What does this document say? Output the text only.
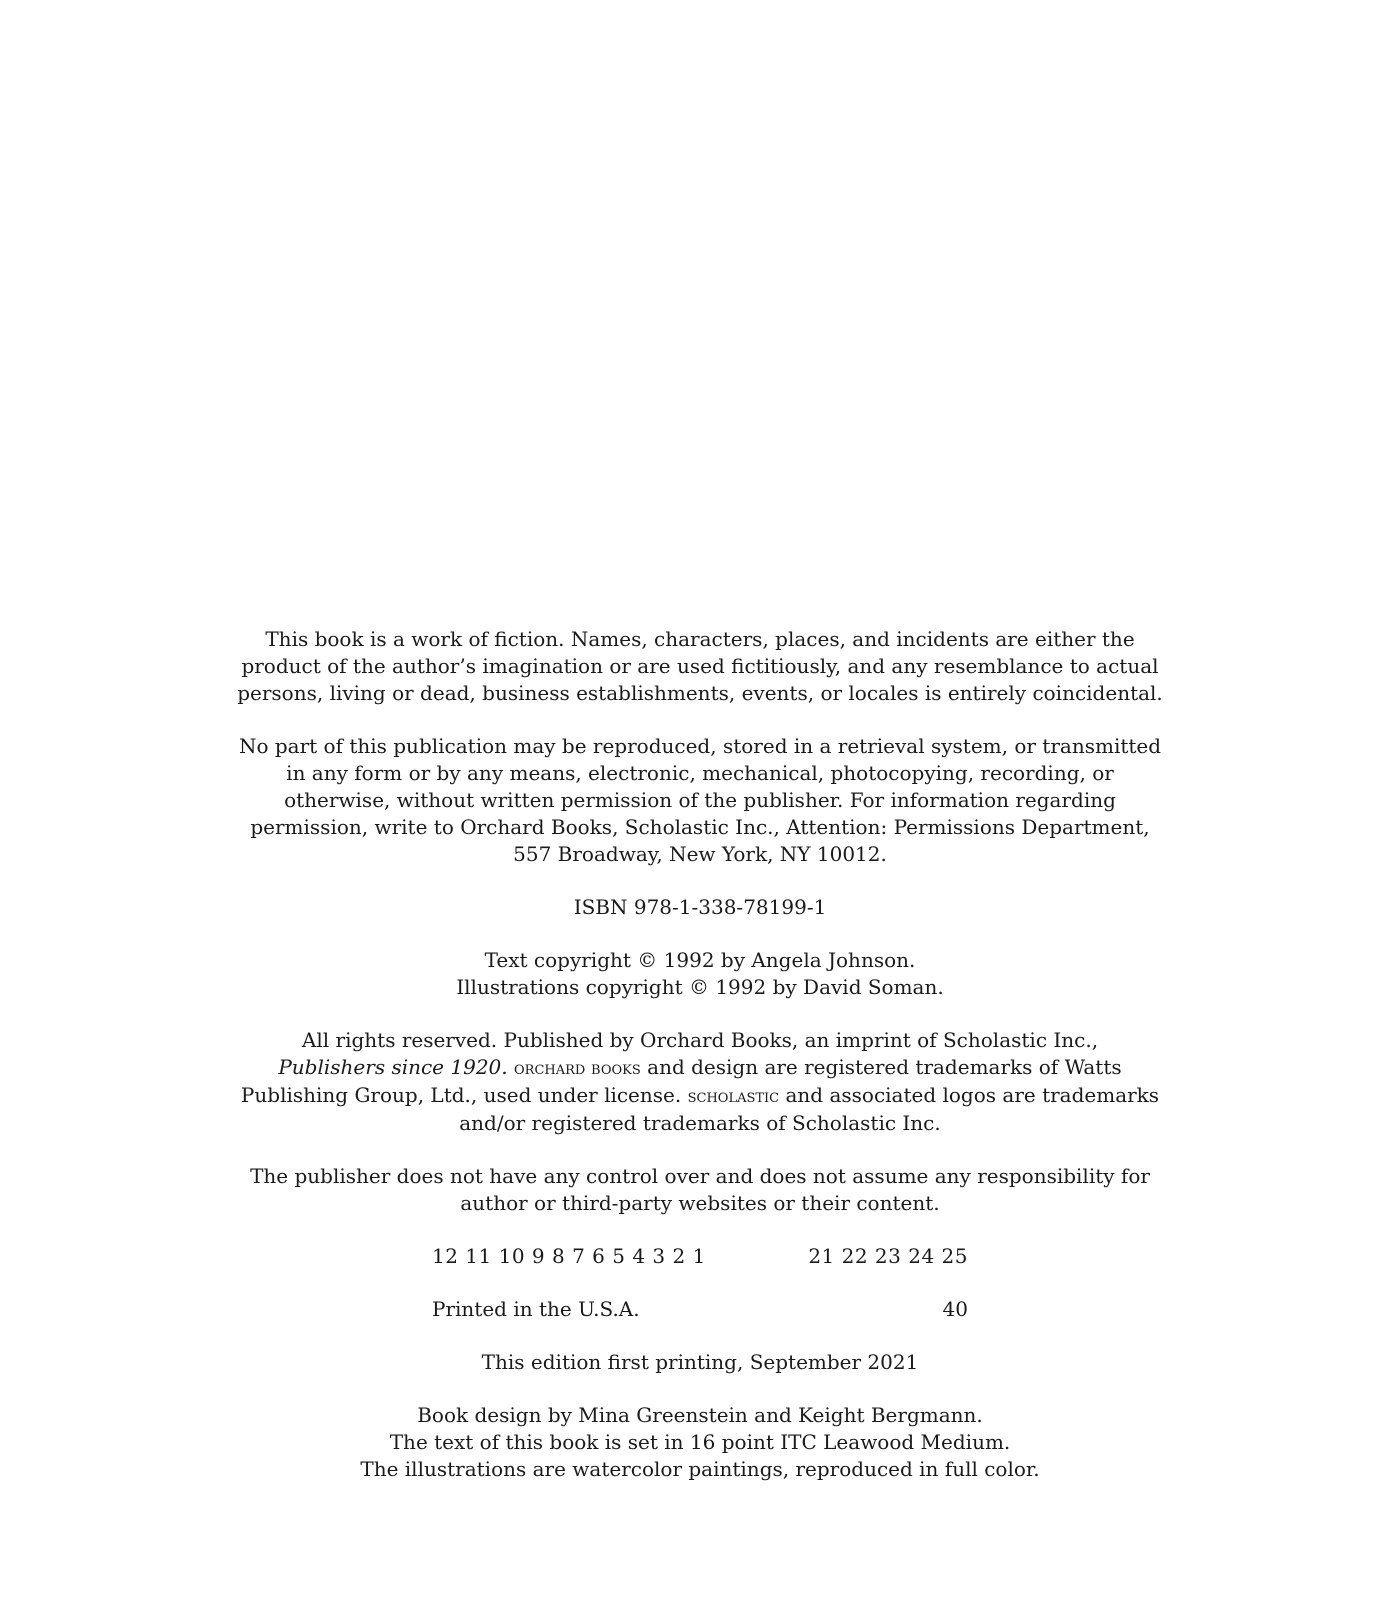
This book is a work of fiction. Names, characters, places, and incidents are either the

product of the author’s imagination or are used fictitiously, and any resemblance to actual

persons, living or dead, business establishments, events, or locales is entirely coincidental.

No part of this publication may be reproduced, stored in a retrieval system, or transmitted

in any form or by any means, electronic, mechanical, photocopying, recording, or

otherwise, without written permission of the publisher. For information regarding

permission, write to Orchard Books, Scholastic Inc., Attention: Permissions Department,

557 Broadway, New York, NY 10012.

ISBN 978-1-338-78199-1

Text copyright © 1992 by Angela Johnson.

Illustrations copyright © 1992 by David Soman.

All rights reserved. Published by Orchard Books, an imprint of Scholastic Inc.,

Publishers since 1920. orchard books and design are registered trademarks of Watts

Publishing Group, Ltd., used under license. scholastic and associated logos are trademarks

and/or registered trademarks of Scholastic Inc.

The publisher does not have any control over and does not assume any responsibility for

author or third-party websites or their content.

12 11 10 9 8 7 6 5 4 3 2 1	21 22 23 24 25
Printed in the U.S.A.	40

This edition first printing, September 2021

Book design by Mina Greenstein and Keight Bergmann.

The text of this book is set in 16 point ITC Leawood Medium.

The illustrations are watercolor paintings, reproduced in full color.
